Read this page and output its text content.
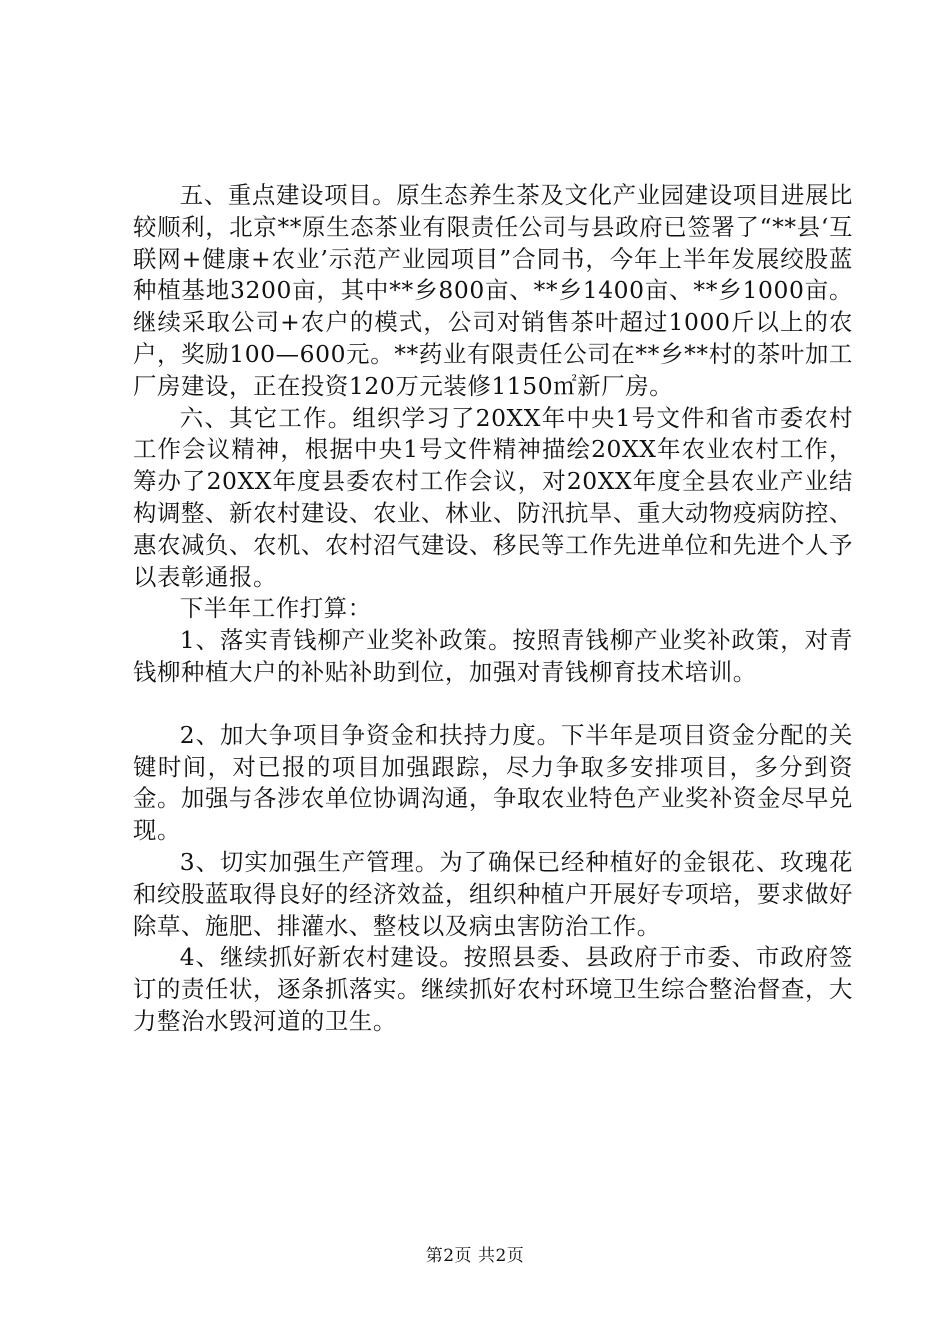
五、重点建设项目。原生态养生茶及文化产业园建设项目进展比较顺利，北京**原生态茶业有限责任公司与县政府已签署了“**县‘互联网+健康+农业’示范产业园项目”合同书，今年上半年发展绞股蓝种植基地3200亩，其中**乡800亩、**乡1400亩、**乡1000亩。继续采取公司+农户的模式，公司对销售茶叶超过1000斤以上的农户，奖励100—600元。**药业有限责任公司在**乡**村的茶叶加工厂房建设，正在投资120万元装修1150㎡新厂房。

六、其它工作。组织学习了20XX年中央1号文件和省市委农村工作会议精神，根据中央1号文件精神描绘20XX年农业农村工作，筹办了20XX年度县委农村工作会议，对20XX年度全县农业产业结构调整、新农村建设、农业、林业、防汛抗旱、重大动物疫病防控、惠农减负、农机、农村沼气建设、移民等工作先进单位和先进个人予以表彰通报。

下半年工作打算：

1、落实青钱柳产业奖补政策。按照青钱柳产业奖补政策，对青钱柳种植大户的补贴补助到位，加强对青钱柳育技术培训。

2、加大争项目争资金和扶持力度。下半年是项目资金分配的关键时间，对已报的项目加强跟踪，尽力争取多安排项目，多分到资金。加强与各涉农单位协调沟通，争取农业特色产业奖补资金尽早兑现。

3、切实加强生产管理。为了确保已经种植好的金银花、玫瑰花和绞股蓝取得良好的经济效益，组织种植户开展好专项培，要求做好除草、施肥、排灌水、整枝以及病虫害防治工作。

4、继续抓好新农村建设。按照县委、县政府于市委、市政府签订的责任状，逐条抓落实。继续抓好农村环境卫生综合整治督查，大力整治水毁河道的卫生。

第2页 共2页
